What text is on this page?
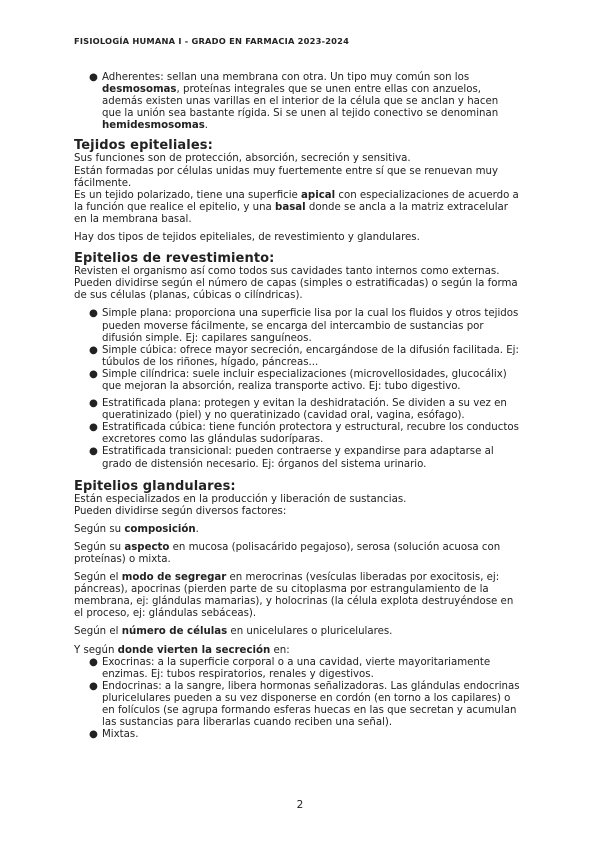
FISIOLOGÍA HUMANA I - GRADO EN FARMACIA 2023-2024
● Adherentes: sellan una membrana con otra. Un tipo muy común son los desmosomas, proteínas integrales que se unen entre ellas con anzuelos, además existen unas varillas en el interior de la célula que se anclan y hacen que la unión sea bastante rígida. Si se unen al tejido conectivo se denominan hemidesmosomas.
Tejidos epiteliales:

Sus funciones son de protección, absorción, secreción y sensitiva.

Están formadas por células unidas muy fuertemente entre sí que se renuevan muy fácilmente.

Es un tejido polarizado, tiene una superficie apical con especializaciones de acuerdo a la función que realice el epitelio, y una basal donde se ancla a la matriz extracelular en la membrana basal.

Hay dos tipos de tejidos epiteliales, de revestimiento y glandulares.

Epitelios de revestimiento:

Revisten el organismo así como todos sus cavidades tanto internos como externas. Pueden dividirse según el número de capas (simples o estratificadas) o según la forma de sus células (planas, cúbicas o cilíndricas).

● Simple plana: proporciona una superficie lisa por la cual los fluidos y otros tejidos pueden moverse fácilmente, se encarga del intercambio de sustancias por difusión simple. Ej: capilares sanguíneos.
● Simple cúbica: ofrece mayor secreción, encargándose de la difusión facilitada. Ej: túbulos de los riñones, hígado, páncreas...
● Simple cilíndrica: suele incluir especializaciones (microvellosidades, glucocálix) que mejoran la absorción, realiza transporte activo. Ej: tubo digestivo.
● Estratificada plana: protegen y evitan la deshidratación. Se dividen a su vez en queratinizado (piel) y no queratinizado (cavidad oral, vagina, esófago).
● Estratificada cúbica: tiene función protectora y estructural, recubre los conductos excretores como las glándulas sudoríparas.
● Estratificada transicional: pueden contraerse y expandirse para adaptarse al grado de distensión necesario. Ej: órganos del sistema urinario.
Epitelios glandulares:

Están especializados en la producción y liberación de sustancias.

Pueden dividirse según diversos factores:

Según su composición.

Según su aspecto en mucosa (polisacárido pegajoso), serosa (solución acuosa con proteínas) o mixta.

Según el modo de segregar en merocrinas (vesículas liberadas por exocitosis, ej: páncreas), apocrinas (pierden parte de su citoplasma por estrangulamiento de la membrana, ej: glándulas mamarias), y holocrinas (la célula explota destruyéndose en el proceso, ej: glándulas sebáceas).

Según el número de células en unicelulares o pluricelulares.

Y según donde vierten la secreción en:

● Exocrinas: a la superficie corporal o a una cavidad, vierte mayoritariamente enzimas. Ej: tubos respiratorios, renales y digestivos.
● Endocrinas: a la sangre, libera hormonas señalizadoras. Las glándulas endocrinas pluricelulares pueden a su vez disponerse en cordón (en torno a los capilares) o en folículos (se agrupa formando esferas huecas en las que secretan y acumulan las sustancias para liberarlas cuando reciben una señal).
● Mixtas.
2
